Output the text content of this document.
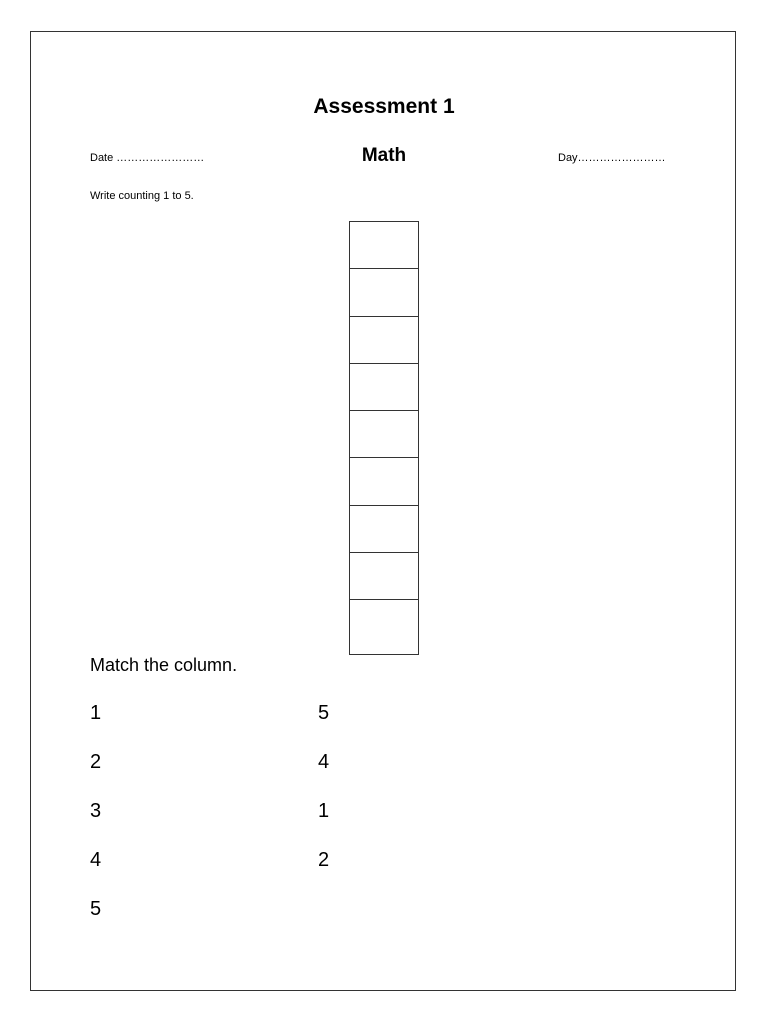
Assessment 1
Date ……………………	Math	Day……………………
Write counting 1 to 5.
Match the column.
1
2
3
4
5
5
4
1
2
